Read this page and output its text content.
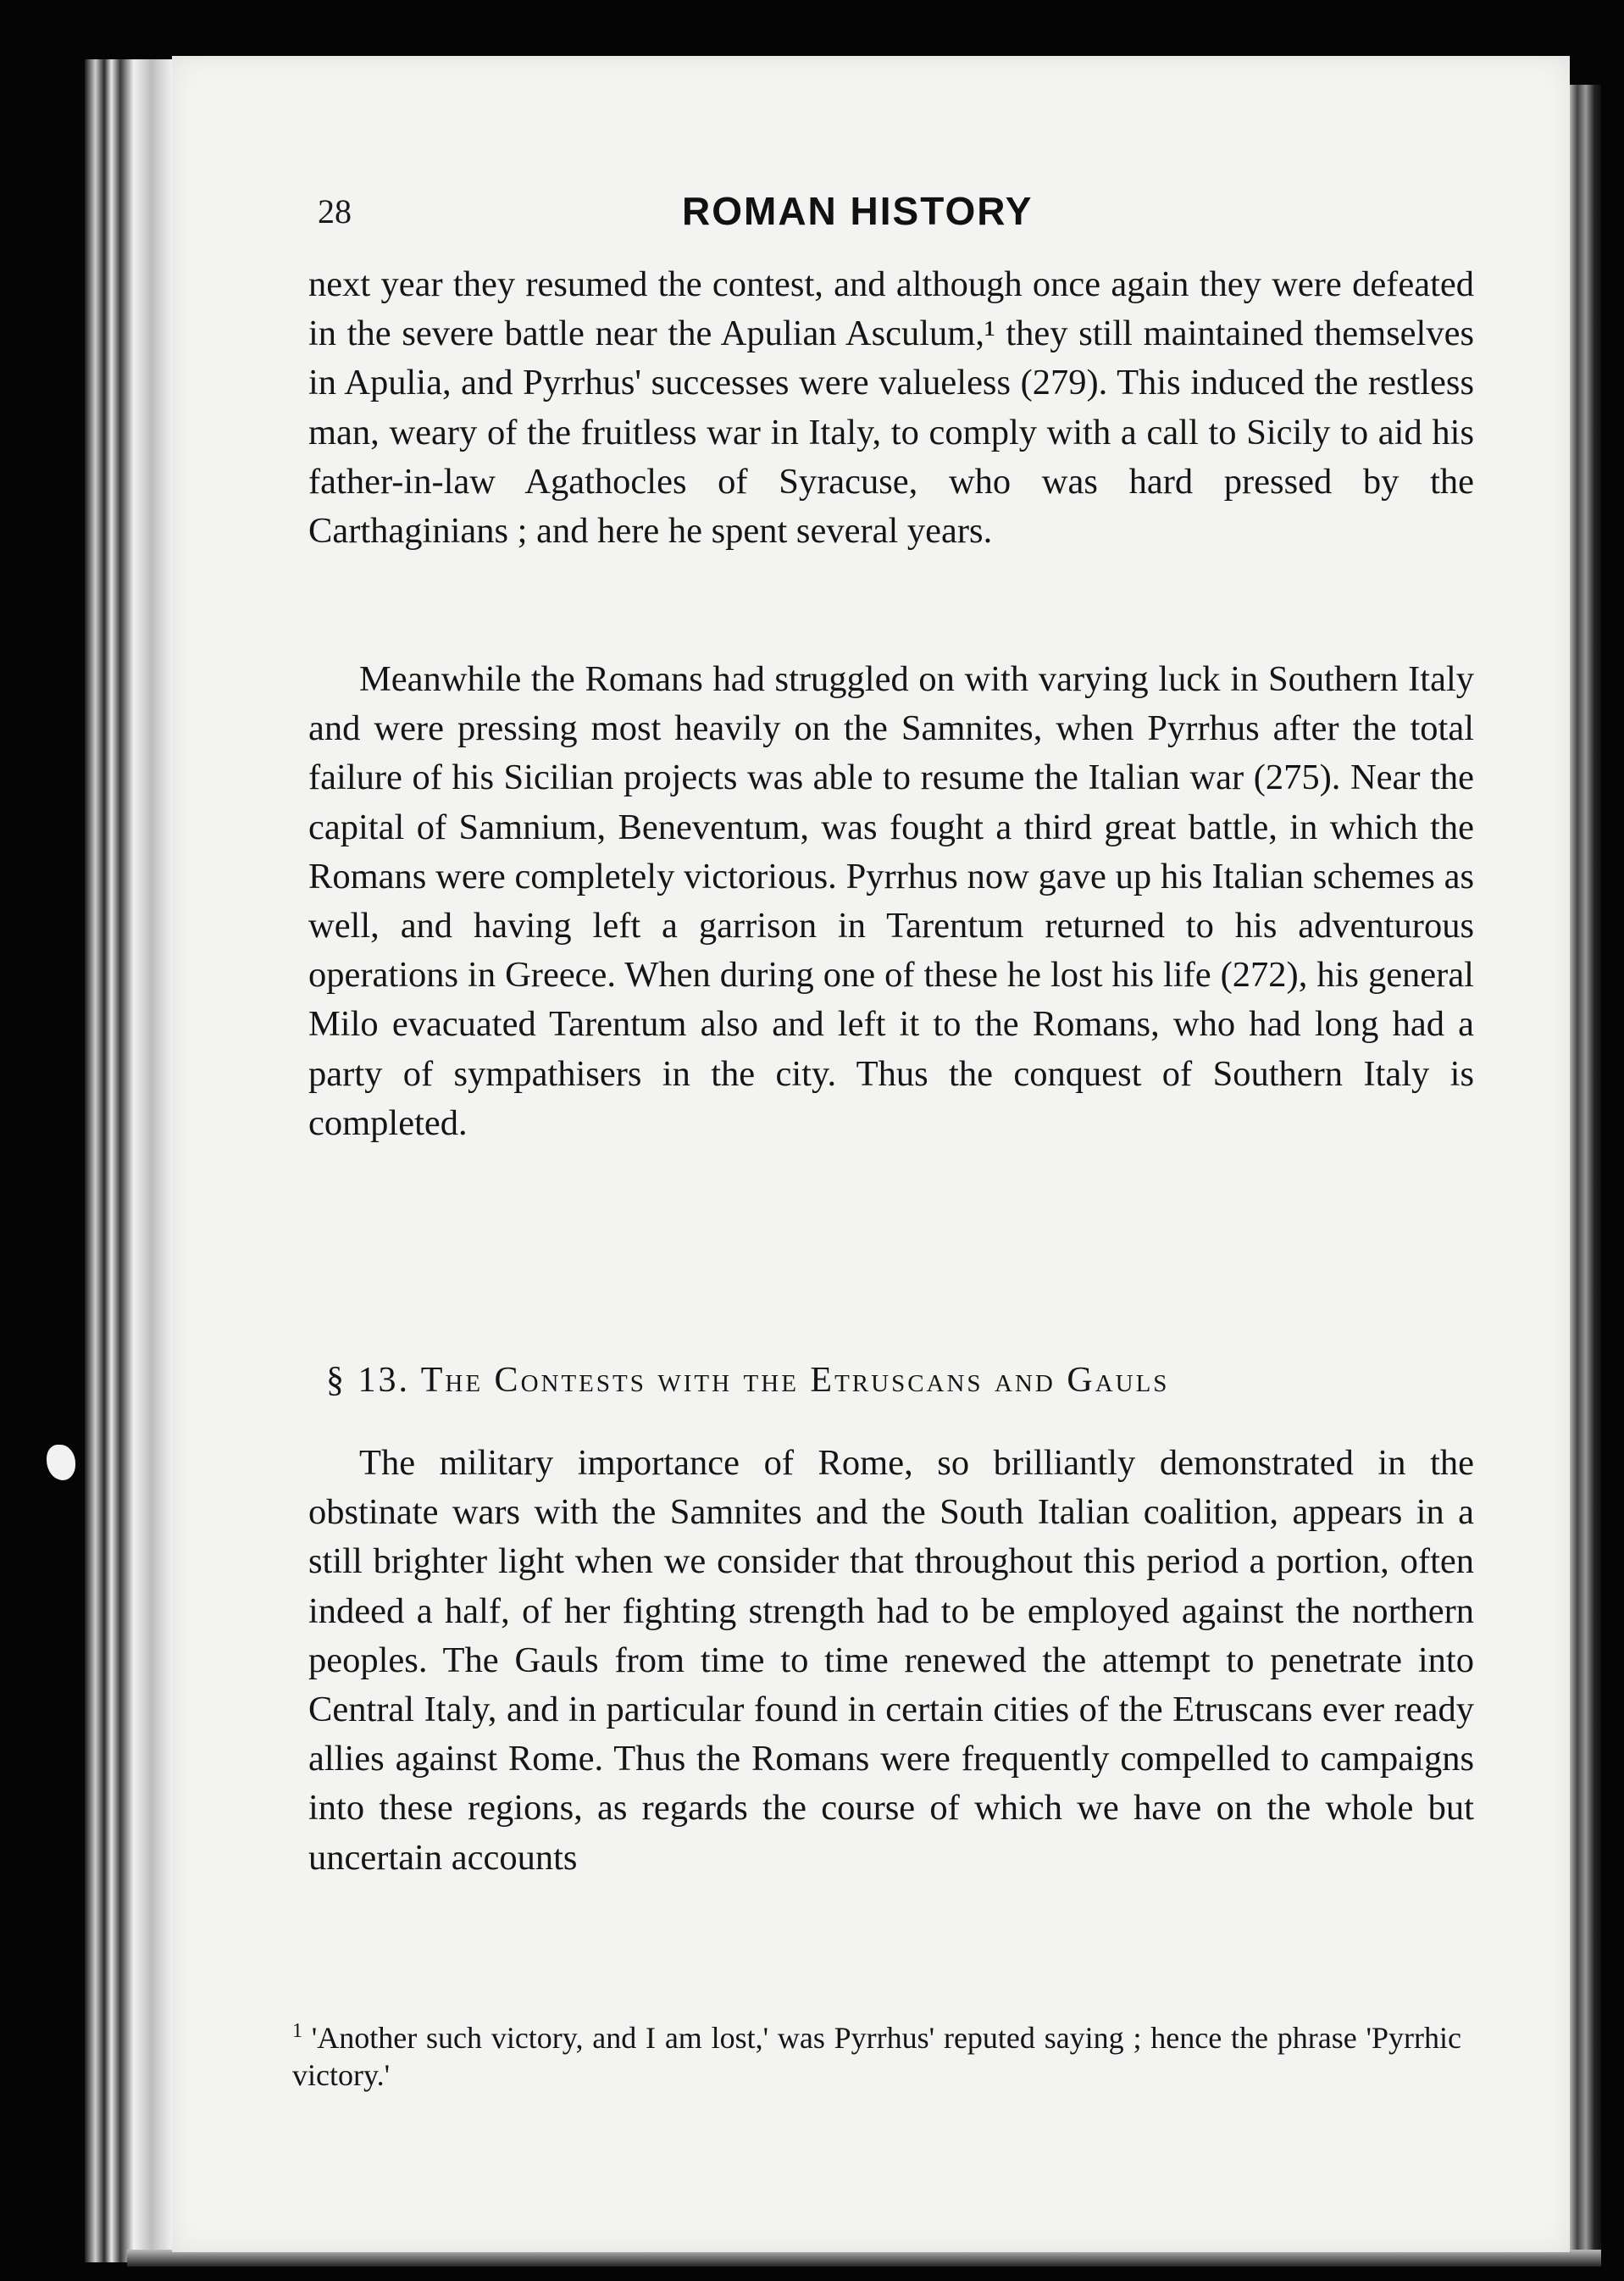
28	ROMAN HISTORY

next year they resumed the contest, and although once again they were defeated in the severe battle near the Apulian Asculum,¹ they still maintained themselves in Apulia, and Pyrrhus' successes were valueless (279). This induced the restless man, weary of the fruitless war in Italy, to comply with a call to Sicily to aid his father-in-law Agathocles of Syracuse, who was hard pressed by the Carthaginians ; and here he spent several years.

Meanwhile the Romans had struggled on with varying luck in Southern Italy and were pressing most heavily on the Samnites, when Pyrrhus after the total failure of his Sicilian projects was able to resume the Italian war (275). Near the capital of Samnium, Beneventum, was fought a third great battle, in which the Romans were completely victorious. Pyrrhus now gave up his Italian schemes as well, and having left a garrison in Tarentum returned to his adventurous operations in Greece. When during one of these he lost his life (272), his general Milo evacuated Tarentum also and left it to the Romans, who had long had a party of sympathisers in the city. Thus the conquest of Southern Italy is completed.

§ 13. The Contests with the Etruscans and Gauls

The military importance of Rome, so brilliantly demonstrated in the obstinate wars with the Samnites and the South Italian coalition, appears in a still brighter light when we consider that throughout this period a portion, often indeed a half, of her fighting strength had to be employed against the northern peoples. The Gauls from time to time renewed the attempt to penetrate into Central Italy, and in particular found in certain cities of the Etruscans ever ready allies against Rome. Thus the Romans were frequently compelled to campaigns into these regions, as regards the course of which we have on the whole but uncertain accounts

$^1$ 'Another such victory, and I am lost,' was Pyrrhus' reputed saying ; hence the phrase 'Pyrrhic victory.'
